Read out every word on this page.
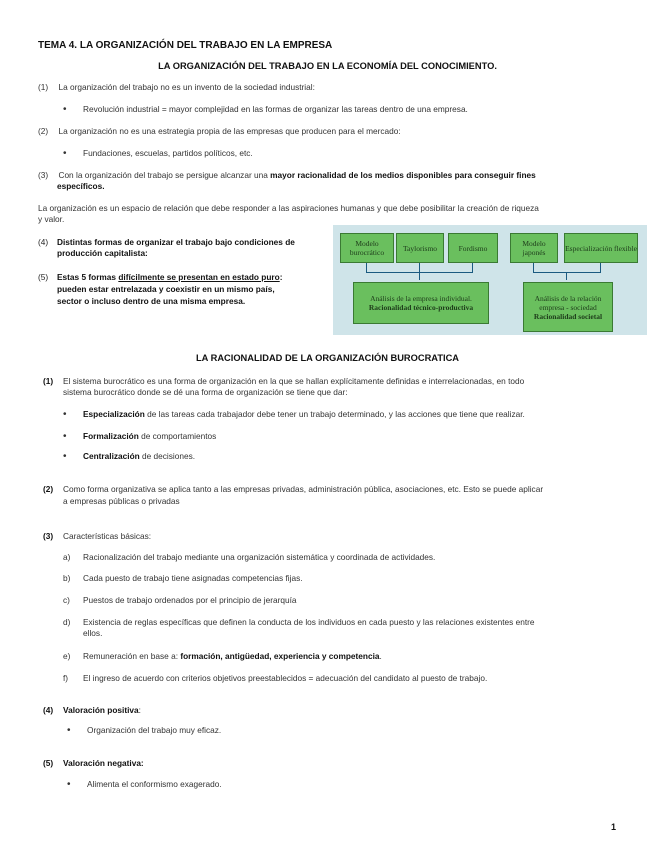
TEMA 4. LA ORGANIZACIÓN DEL TRABAJO EN LA EMPRESA
LA ORGANIZACIÓN DEL TRABAJO EN LA ECONOMÍA DEL CONOCIMIENTO.
(1) La organización del trabajo no es un invento de la sociedad industrial:
• Revolución industrial = mayor complejidad en las formas de organizar las tareas dentro de una empresa.
(2) La organización no es una estrategia propia de las empresas que producen para el mercado:
• Fundaciones, escuelas, partidos políticos, etc.
(3) Con la organización del trabajo se persigue alcanzar una mayor racionalidad de los medios disponibles para conseguir fines
específicos.
La organización es un espacio de relación que debe responder a las aspiraciones humanas y que debe posibilitar la creación de riqueza
y valor.
(4) Distintas formas de organizar el trabajo bajo condiciones de
producción capitalista:
(5) Estas 5 formas difícilmente se presentan en estado puro:
pueden estar entrelazada y coexistir en un mismo país,
sector o incluso dentro de una misma empresa.
Modelo burocrático	Taylorismo	Fordismo	Modelo japonés	Especialización flexible
Análisis de la empresa individual.
Racionalidad técnico-productiva
Análisis de la relación empresa - sociedad
Racionalidad societal
LA RACIONALIDAD DE LA ORGANIZACIÓN BUROCRATICA
(1) El sistema burocrático es una forma de organización en la que se hallan explícitamente definidas e interrelacionadas, en todo
sistema burocrático donde se dé una forma de organización se tiene que dar:
• Especialización de las tareas cada trabajador debe tener un trabajo determinado, y las acciones que tiene que realizar.
• Formalización de comportamientos
• Centralización de decisiones.
(2) Como forma organizativa se aplica tanto a las empresas privadas, administración pública, asociaciones, etc. Esto se puede aplicar
a empresas públicas o privadas
(3) Características básicas:
a) Racionalización del trabajo mediante una organización sistemática y coordinada de actividades.
b) Cada puesto de trabajo tiene asignadas competencias fijas.
c) Puestos de trabajo ordenados por el principio de jerarquía
d) Existencia de reglas específicas que definen la conducta de los individuos en cada puesto y las relaciones existentes entre
ellos.
e) Remuneración en base a: formación, antigüedad, experiencia y competencia.
f) El ingreso de acuerdo con criterios objetivos preestablecidos = adecuación del candidato al puesto de trabajo.
(4) Valoración positiva:
• Organización del trabajo muy eficaz.
(5) Valoración negativa:
• Alimenta el conformismo exagerado.
1
